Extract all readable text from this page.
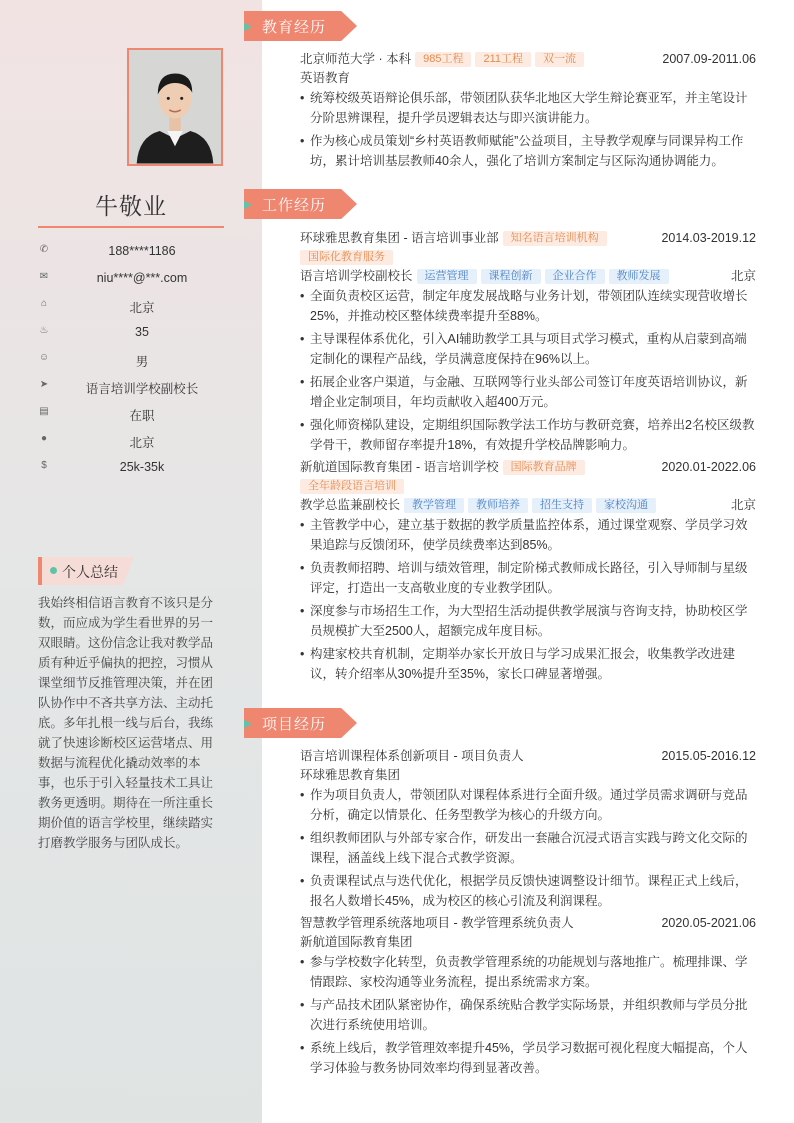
牛敬业
✆	188****1186
✉	niu****@***.com
⌂	北京
♨	35
☺	男
➤	语言培训学校副校长
▤	在职
●	北京
$	25k-35k
个人总结
我始终相信语言教育不该只是分数，而应成为学生看世界的另一双眼睛。这份信念让我对教学品质有种近乎偏执的把控，习惯从课堂细节反推管理决策，并在团队协作中不吝共享方法、主动托底。多年扎根一线与后台，我练就了快速诊断校区运营堵点、用数据与流程优化撬动效率的本事，也乐于引入轻量技术工具让教务更透明。期待在一所注重长期价值的语言学校里，继续踏实打磨教学服务与团队成长。
教育经历
北京师范大学 · 本科 985工程 211工程 双一流	2007.09-2011.06
英语教育
• 统筹校级英语辩论俱乐部，带领团队获华北地区大学生辩论赛亚军，并主笔设计分阶思辨课程，提升学员逻辑表达与即兴演讲能力。
• 作为核心成员策划“乡村英语教师赋能”公益项目，主导教学观摩与同课异构工作坊，累计培训基层教师40余人，强化了培训方案制定与区际沟通协调能力。
工作经历
环球雅思教育集团 - 语言培训事业部 知名语言培训机构	2014.03-2019.12
国际化教育服务
语言培训学校副校长 运营管理 课程创新 企业合作 教师发展	北京
• 全面负责校区运营，制定年度发展战略与业务计划，带领团队连续实现营收增长25%，并推动校区整体续费率提升至88%。
• 主导课程体系优化，引入AI辅助教学工具与项目式学习模式，重构从启蒙到高端定制化的课程产品线，学员满意度保持在96%以上。
• 拓展企业客户渠道，与金融、互联网等行业头部公司签订年度英语培训协议，新增企业定制项目，年均贡献收入超400万元。
• 强化师资梯队建设，定期组织国际教学法工作坊与教研竞赛，培养出2名校区级教学骨干，教师留存率提升18%，有效提升学校品牌影响力。
新航道国际教育集团 - 语言培训学校 国际教育品牌	2020.01-2022.06
全年龄段语言培训
教学总监兼副校长 教学管理 教师培养 招生支持 家校沟通	北京
• 主管教学中心，建立基于数据的教学质量监控体系，通过课堂观察、学员学习效果追踪与反馈闭环，使学员续费率达到85%。
• 负责教师招聘、培训与绩效管理，制定阶梯式教师成长路径，引入导师制与星级评定，打造出一支高敬业度的专业教学团队。
• 深度参与市场招生工作，为大型招生活动提供教学展演与咨询支持，协助校区学员规模扩大至2500人，超额完成年度目标。
• 构建家校共育机制，定期举办家长开放日与学习成果汇报会，收集教学改进建议，转介绍率从30%提升至35%，家长口碑显著增强。
项目经历
语言培训课程体系创新项目 - 项目负责人	2015.05-2016.12
环球雅思教育集团
• 作为项目负责人，带领团队对课程体系进行全面升级。通过学员需求调研与竞品分析，确定以情景化、任务型教学为核心的升级方向。
• 组织教师团队与外部专家合作，研发出一套融合沉浸式语言实践与跨文化交际的课程，涵盖线上线下混合式教学资源。
• 负责课程试点与迭代优化，根据学员反馈快速调整设计细节。课程正式上线后，报名人数增长45%，成为校区的核心引流及利润课程。
智慧教学管理系统落地项目 - 教学管理系统负责人	2020.05-2021.06
新航道国际教育集团
• 参与学校数字化转型，负责教学管理系统的功能规划与落地推广。梳理排课、学情跟踪、家校沟通等业务流程，提出系统需求方案。
• 与产品技术团队紧密协作，确保系统贴合教学实际场景，并组织教师与学员分批次进行系统使用培训。
• 系统上线后，教学管理效率提升45%，学员学习数据可视化程度大幅提高，个人学习体验与教务协同效率均得到显著改善。
